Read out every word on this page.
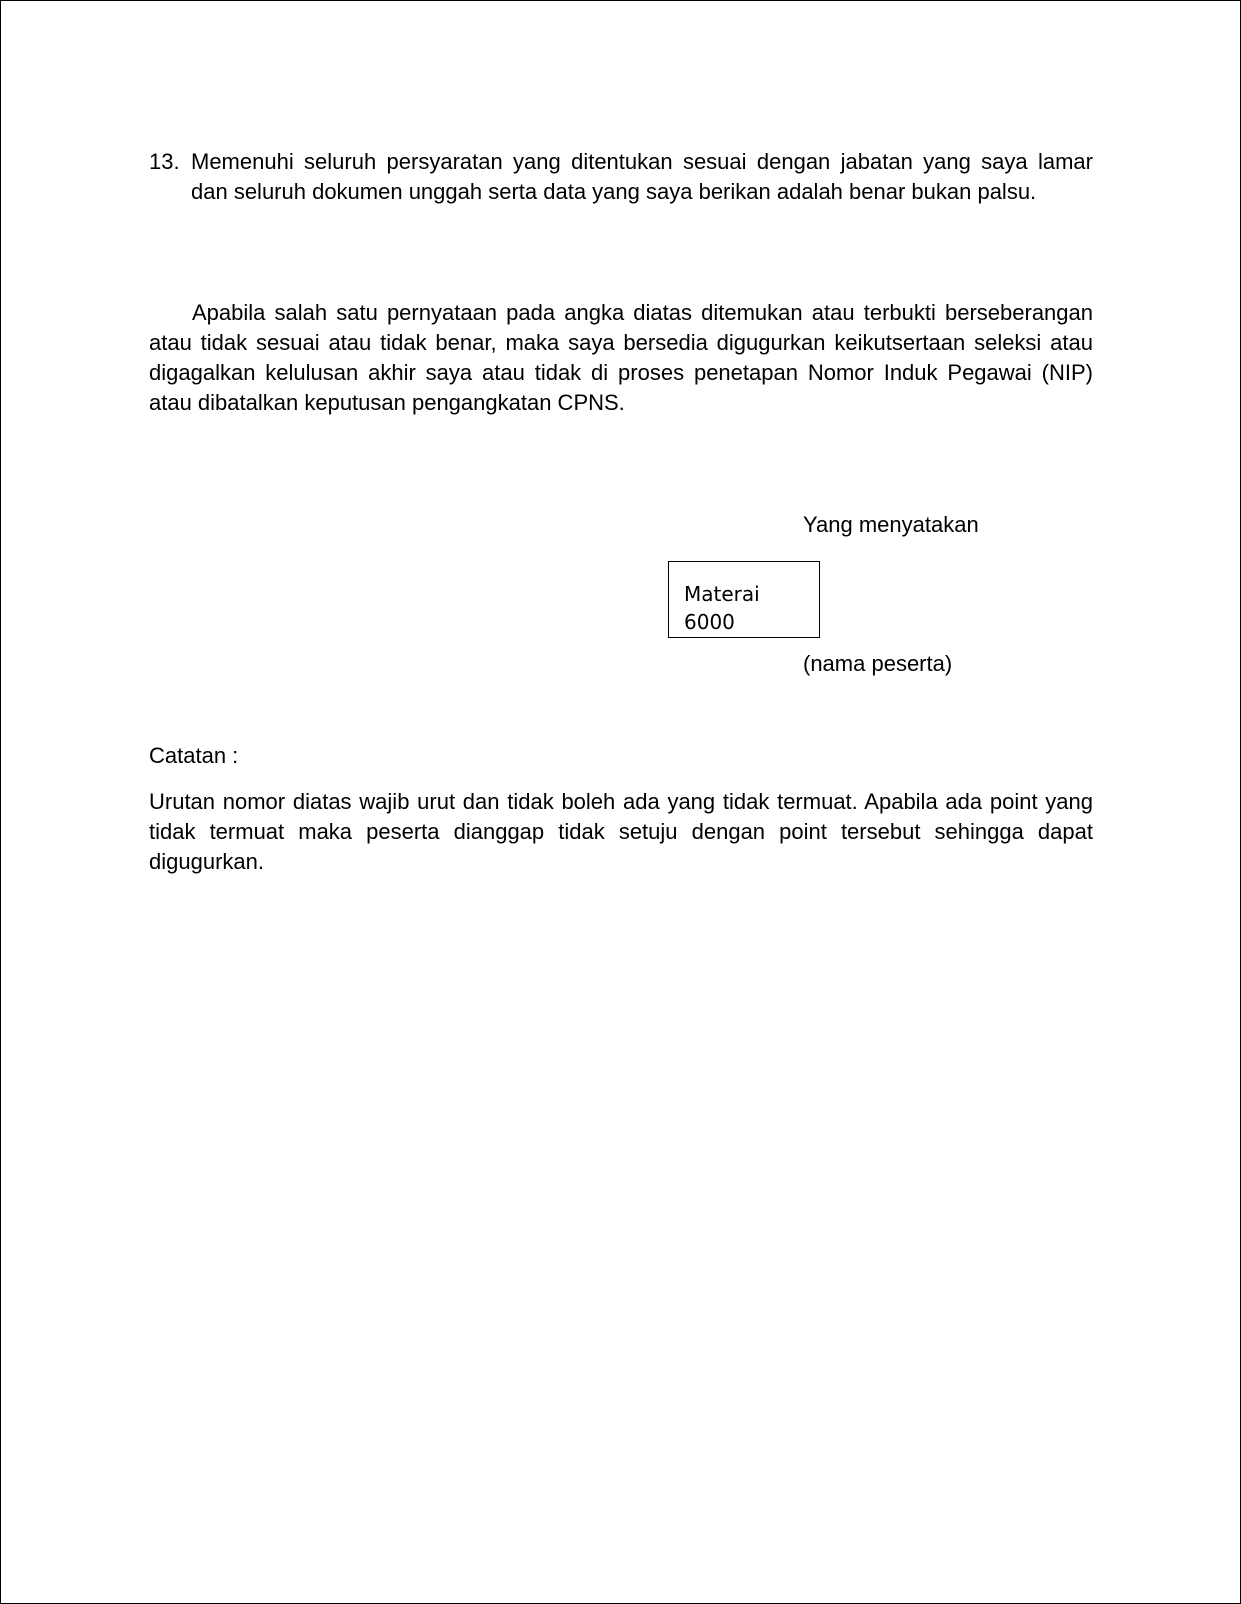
13. Memenuhi seluruh persyaratan yang ditentukan sesuai dengan jabatan yang saya lamar dan seluruh dokumen unggah serta data yang saya berikan adalah benar bukan palsu.

Apabila salah satu pernyataan pada angka diatas ditemukan atau terbukti berseberangan atau tidak sesuai atau tidak benar, maka saya bersedia digugurkan keikutsertaan seleksi atau digagalkan kelulusan akhir saya atau tidak di proses penetapan Nomor Induk Pegawai (NIP) atau dibatalkan keputusan pengangkatan CPNS.

Yang menyatakan
Materai
6000
(nama peserta)
Catatan :

Urutan nomor diatas wajib urut dan tidak boleh ada yang tidak termuat. Apabila ada point yang tidak termuat maka peserta dianggap tidak setuju dengan point tersebut sehingga dapat digugurkan.
